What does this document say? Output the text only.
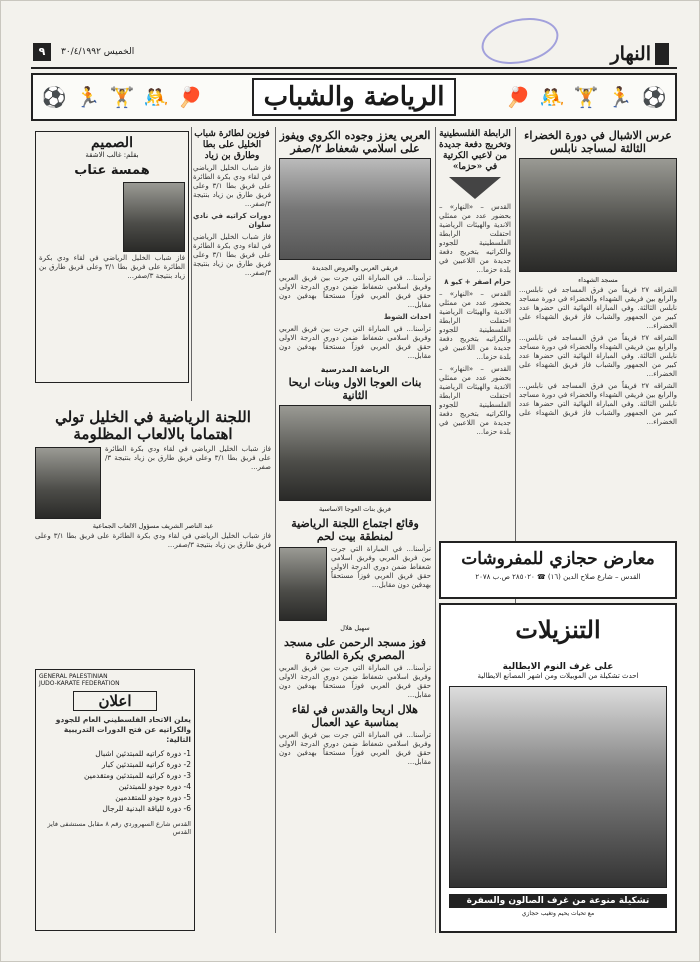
٩	الخميس ٣٠/٤/١٩٩٢	النهار
⚽ 🏃 🏋 🤼 🏓	الرياضة والشباب	🏓 🤼 🏋 🏃 ⚽
عرس الاشبال في دورة الخضراء الثالثة لمساجد نابلس
مسجد الشهداء

الشراقه ٢٧ فريقاً من فرق المساجد في نابلس... والرابع بين فريقي الشهداء والخضراء في دورة مساجد نابلس الثالثة. وفي المباراة النهائية التي حضرها عدد كبير من الجمهور والشباب فاز فريق الشهداء على الخضراء...

الشراقه ٢٧ فريقاً من فرق المساجد في نابلس... والرابع بين فريقي الشهداء والخضراء في دورة مساجد نابلس الثالثة. وفي المباراة النهائية التي حضرها عدد كبير من الجمهور والشباب فاز فريق الشهداء على الخضراء...

الشراقه ٢٧ فريقاً من فرق المساجد في نابلس... والرابع بين فريقي الشهداء والخضراء في دورة مساجد نابلس الثالثة. وفي المباراة النهائية التي حضرها عدد كبير من الجمهور والشباب فاز فريق الشهداء على الخضراء...

الرابطة الفلسطينية وتخريج دفعة جديدة من لاعبي الكرتية في «حزما»

القدس – «النهار» – بحضور عدد من ممثلي الاندية والهيئات الرياضية احتفلت الرابطة الفلسطينية للجودو والكراتيه بتخريج دفعة جديدة من اللاعبين في بلدة حزما...

حزام اصفر + كيو ٨

القدس – «النهار» – بحضور عدد من ممثلي الاندية والهيئات الرياضية احتفلت الرابطة الفلسطينية للجودو والكراتيه بتخريج دفعة جديدة من اللاعبين في بلدة حزما...

القدس – «النهار» – بحضور عدد من ممثلي الاندية والهيئات الرياضية احتفلت الرابطة الفلسطينية للجودو والكراتيه بتخريج دفعة جديدة من اللاعبين في بلدة حزما...

معارض حجازي للمفروشات
القدس – شارع صلاح الدين (١٦) ☎ ٢٨٥٠٢٠ ص.ب ٢٠٧٨
التنزيلات
على غرف النوم الايطالية
احدث تشكيلة من الموبيلات ومن اشهر المصانع الايطالية
تشكيلة منوعة من غرف الصالون والسفرة
مع تحيات يحيم وتغيب حجازي
العربي يعزز وجوده الكروي ويفوز على اسلامي شعفاط ٢/صفر
فريقي العربي والعروض الجديدة

ترأسنا... في المباراة التي جرت بين فريق العربي وفريق اسلامي شعفاط ضمن دوري الدرجة الاولى حقق فريق العربي فوزاً مستحقاً بهدفين دون مقابل...

احداث الشوط

ترأسنا... في المباراة التي جرت بين فريق العربي وفريق اسلامي شعفاط ضمن دوري الدرجة الاولى حقق فريق العربي فوزاً مستحقاً بهدفين دون مقابل...

الرياضة المدرسية
بنات العوجا الاول وبنات اريحا الثانية
فريق بنات العوجا الاساسية
وقائع اجتماع اللجنة الرياضية لمنطقة بيت لحم

ترأسنا... في المباراة التي جرت بين فريق العربي وفريق اسلامي شعفاط ضمن دوري الدرجة الاولى حقق فريق العربي فوزاً مستحقاً بهدفين دون مقابل...

سهيل هلال
فوز مسجد الرحمن على مسجد المصري بكرة الطائرة

ترأسنا... في المباراة التي جرت بين فريق العربي وفريق اسلامي شعفاط ضمن دوري الدرجة الاولى حقق فريق العربي فوزاً مستحقاً بهدفين دون مقابل...

هلال اريحا والقدس في لقاء بمناسبة عيد العمال

ترأسنا... في المباراة التي جرت بين فريق العربي وفريق اسلامي شعفاط ضمن دوري الدرجة الاولى حقق فريق العربي فوزاً مستحقاً بهدفين دون مقابل...

فوزين لطائرة شباب الخليل على بطا وطارق بن زياد

فاز شباب الخليل الرياضي في لقاء ودي بكرة الطائرة على فريق بطا ٣/١ وعلى فريق طارق بن زياد بنتيجة ٣/صفر...

دورات كراتيه في نادي سلوان

فاز شباب الخليل الرياضي في لقاء ودي بكرة الطائرة على فريق بطا ٣/١ وعلى فريق طارق بن زياد بنتيجة ٣/صفر...

الصميم
بقلم: غالب الاشقة
همسة عتاب

فاز شباب الخليل الرياضي في لقاء ودي بكرة الطائرة على فريق بطا ٣/١ وعلى فريق طارق بن زياد بنتيجة ٣/صفر...

اللجنة الرياضية في الخليل تولي اهتماما بالالعاب المظلومة

فاز شباب الخليل الرياضي في لقاء ودي بكرة الطائرة على فريق بطا ٣/١ وعلى فريق طارق بن زياد بنتيجة ٣/صفر...

عبد الناصر الشريف مسؤول الالعاب الجماعية

فاز شباب الخليل الرياضي في لقاء ودي بكرة الطائرة على فريق بطا ٣/١ وعلى فريق طارق بن زياد بنتيجة ٣/صفر...

GENERAL PALESTINIAN
JUDO-KARATE FEDERATION
اعلان

يعلن الاتحاد الفلسطيني العام للجودو والكراتيه عن فتح الدورات التدريبية التالية:

1- دورة كراتيه للمبتدئين اشبال
2- دورة كراتيه للمبتدئين كبار
3- دورة كراتيه للمبتدئين ومتقدمين
4- دورة جودو للمبتدئين
5- دورة جودو للمتقدمين
6- دورة للياقة البدنية للرجال

القدس شارع السهروردي رقم ٨ مقابل مستشفى فايز القدس
